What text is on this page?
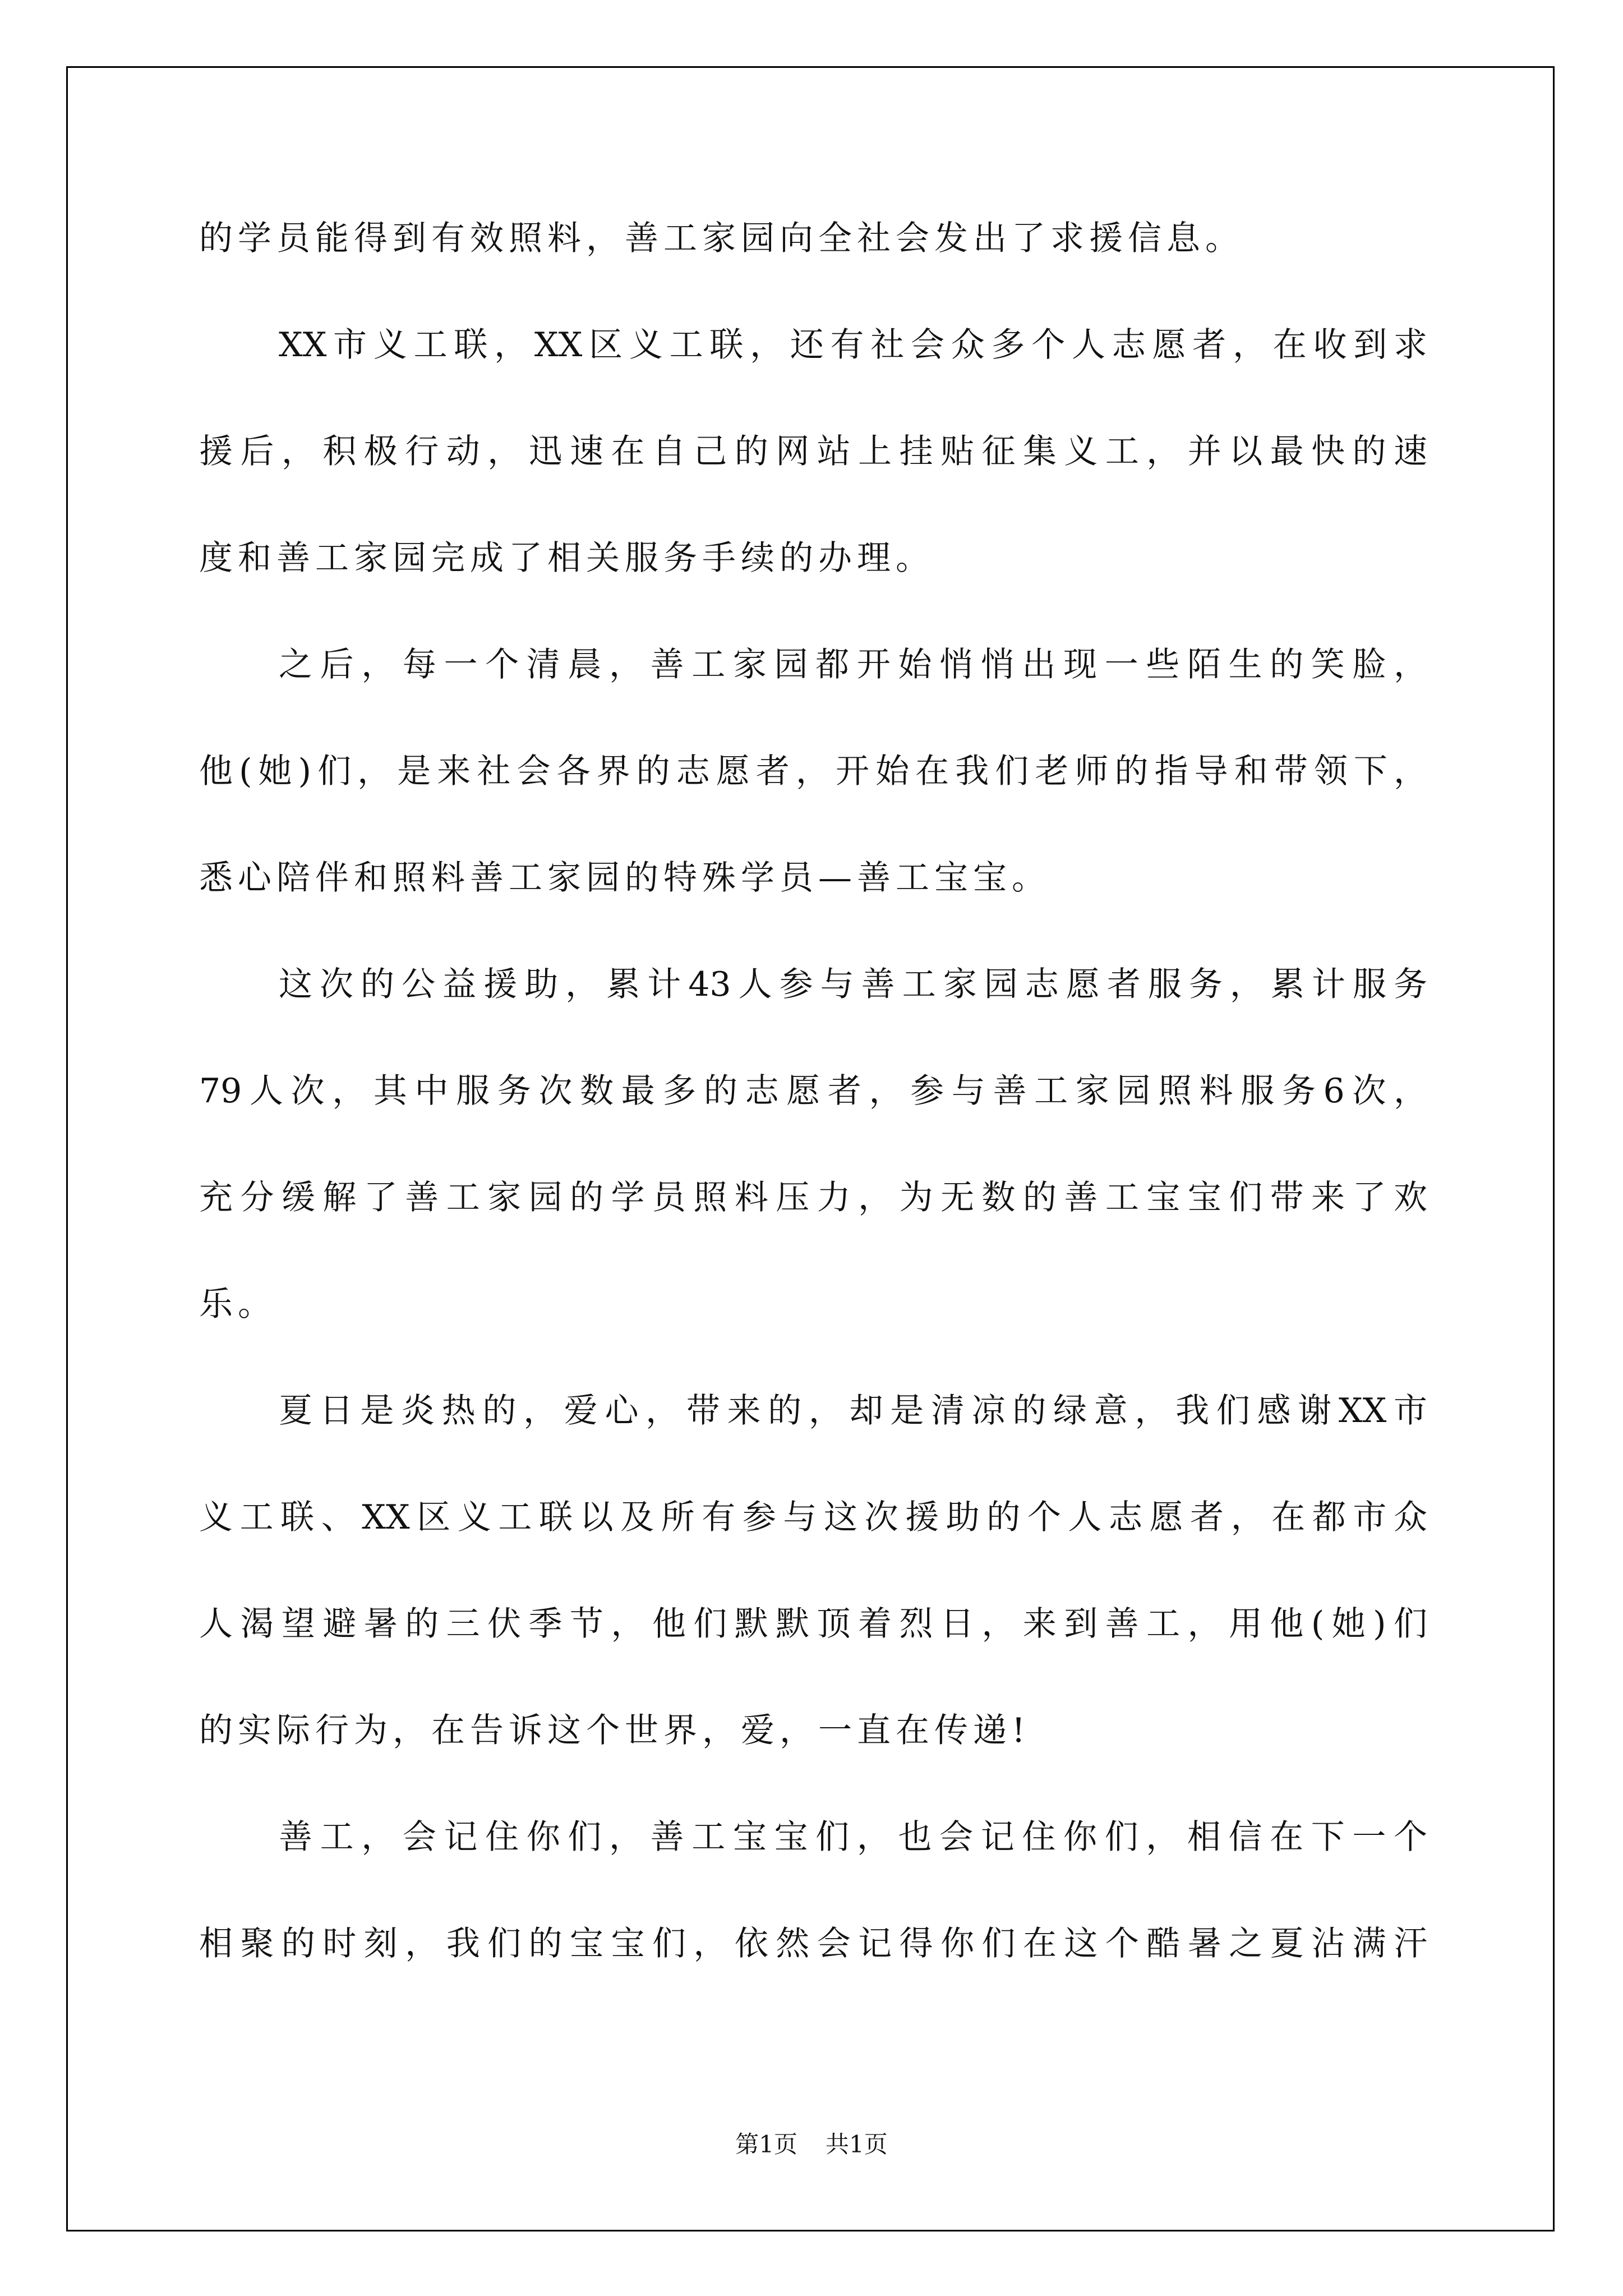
的学员能得到有效照料，善工家园向全社会发出了求援信息。
XX市义工联，XX区义工联，还有社会众多个人志愿者，在收到求
援后，积极行动，迅速在自己的网站上挂贴征集义工，并以最快的速
度和善工家园完成了相关服务手续的办理。
之后，每一个清晨，善工家园都开始悄悄出现一些陌生的笑脸，
他(她)们，是来社会各界的志愿者，开始在我们老师的指导和带领下，
悉心陪伴和照料善工家园的特殊学员—善工宝宝。
这次的公益援助，累计43人参与善工家园志愿者服务，累计服务
79人次，其中服务次数最多的志愿者，参与善工家园照料服务6次，
充分缓解了善工家园的学员照料压力，为无数的善工宝宝们带来了欢
乐。
夏日是炎热的，爱心，带来的，却是清凉的绿意，我们感谢XX市
义工联、XX区义工联以及所有参与这次援助的个人志愿者，在都市众
人渴望避暑的三伏季节，他们默默顶着烈日，来到善工，用他(她)们
的实际行为，在告诉这个世界，爱，一直在传递!
善工，会记住你们，善工宝宝们，也会记住你们，相信在下一个
相聚的时刻，我们的宝宝们，依然会记得你们在这个酷暑之夏沾满汗
第1页 共1页
